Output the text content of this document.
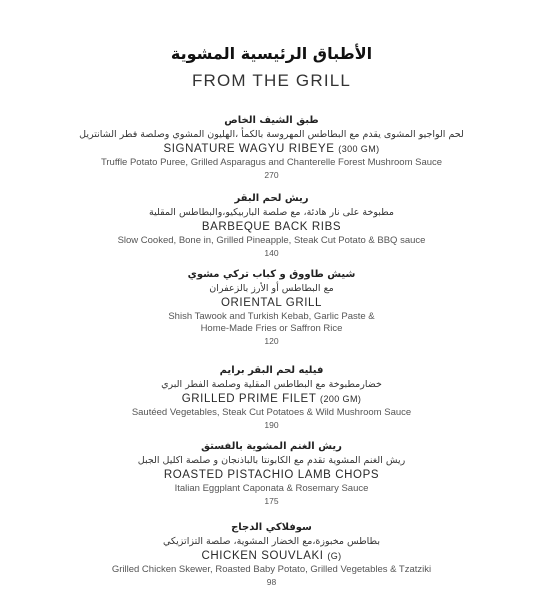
الأطباق الرئيسية المشوية
FROM THE GRILL
طبق الشيف الخاص
لحم الواجيو المشوى يقدم مع البطاطس المهروسة بالكمأ ،الهليون المشوي وصلصة فطر الشانتريل
SIGNATURE WAGYU RIBEYE (300 GM)
Truffle Potato Puree, Grilled Asparagus and Chanterelle Forest Mushroom Sauce
270
ريش لحم البقر
مطبوخة على نار هادئة، مع صلصة الباربيكيو،والبطاطس المقلية
BARBEQUE BACK RIBS
Slow Cooked, Bone in, Grilled Pineapple, Steak Cut Potato & BBQ sauce
140
شيش طاووق و كباب تركي مشوي
مع البطاطس أو الأرز بالزعفران
ORIENTAL GRILL
Shish Tawook and Turkish Kebab, Garlic Paste &
Home-Made Fries or Saffron Rice
120
فيليه لحم البقر برايم
خضارمطبوخة مع البطاطس المقلية وصلصة الفطر البري
GRILLED PRIME FILET (200 GM)
Sautéed Vegetables, Steak Cut Potatoes & Wild Mushroom Sauce
190
ريش الغنم المشوية بالفستق
ريش الغنم المشوية تقدم مع الكابونتا بالباذنجان و صلصة اكليل الجبل
ROASTED PISTACHIO LAMB CHOPS
Italian Eggplant Caponata & Rosemary Sauce
175
سوفلاكي الدجاج
بطاطس مخبوزة،مع الخضار المشوية، صلصة التزاتزيكي
CHICKEN SOUVLAKI (G)
Grilled Chicken Skewer, Roasted Baby Potato, Grilled Vegetables & Tzatziki
98
